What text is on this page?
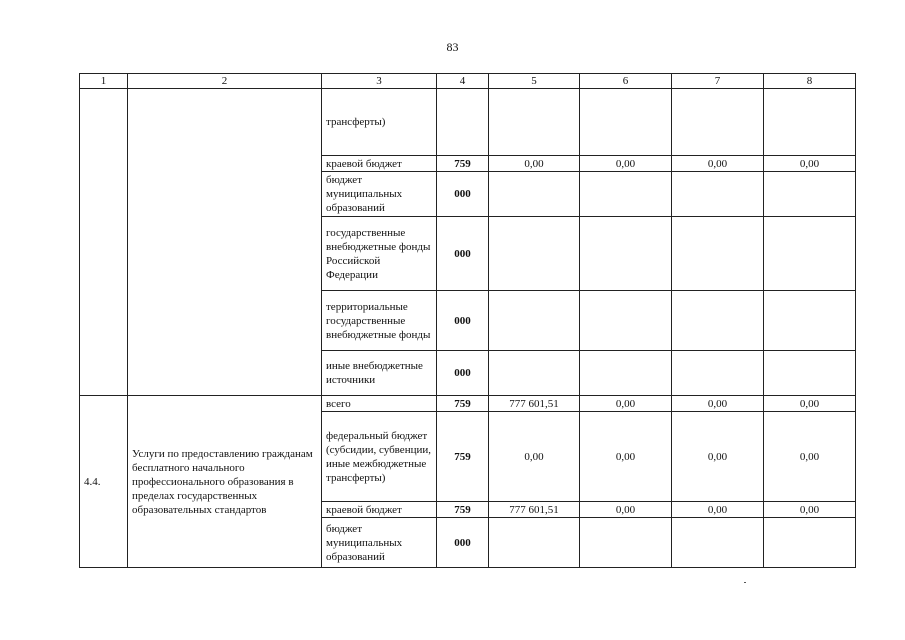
83
1	2	3	4	5	6	7	8
		трансферты)					
		краевой бюджет	759	0,00	0,00	0,00	0,00
		бюджет муниципальных образований	000				
		государственные внебюджетные фонды Российской Федерации	000				
		территориальные государственные внебюджетные фонды	000				
		иные внебюджетные источники	000				
4.4.	Услуги по предоставлению гражданам бесплатного начального профессионального образования в пределах государственных образовательных стандартов	всего	759	777 601,51	0,00	0,00	0,00
		федеральный бюджет (субсидии, субвенции, иные межбюджетные трансферты)	759	0,00	0,00	0,00	0,00
		краевой бюджет	759	777 601,51	0,00	0,00	0,00
		бюджет муниципальных образований	000				
